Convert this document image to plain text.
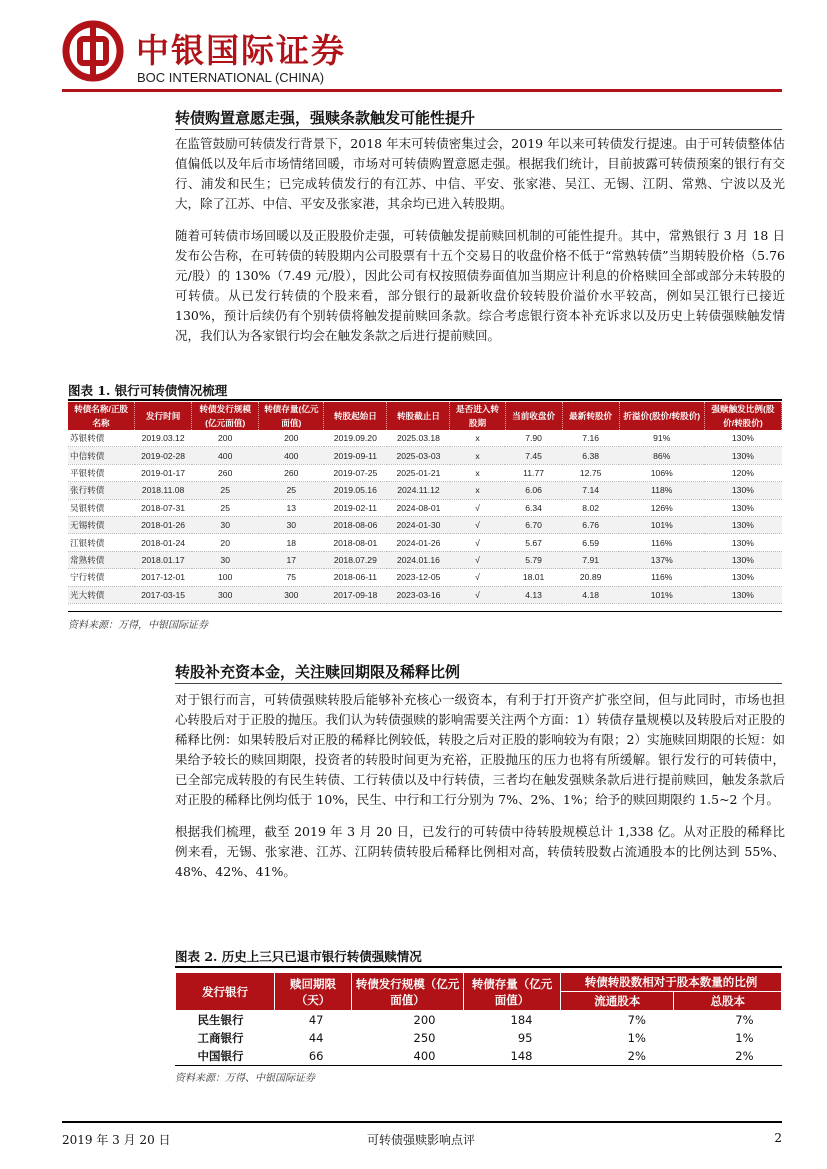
中银国际证券
BOC INTERNATIONAL (CHINA)
转债购置意愿走强，强赎条款触发可能性提升

在监管鼓励可转债发行背景下，2018 年末可转债密集过会，2019 年以来可转债发行提速。由于可转债整体估值偏低以及年后市场情绪回暖，市场对可转债购置意愿走强。根据我们统计，目前披露可转债预案的银行有交行、浦发和民生；已完成转债发行的有江苏、中信、平安、张家港、吴江、无锡、江阴、常熟、宁波以及光大，除了江苏、中信、平安及张家港，其余均已进入转股期。

随着可转债市场回暖以及正股股价走强，可转债触发提前赎回机制的可能性提升。其中，常熟银行 3 月 18 日发布公告称，在可转债的转股期内公司股票有十五个交易日的收盘价格不低于“常熟转债”当期转股价格（5.76 元/股）的 130%（7.49 元/股），因此公司有权按照债券面值加当期应计利息的价格赎回全部或部分未转股的可转债。从已发行转债的个股来看，部分银行的最新收盘价较转股价溢价水平较高，例如吴江银行已接近 130%，预计后续仍有个别转债将触发提前赎回条款。综合考虑银行资本补充诉求以及历史上转债强赎触发情况，我们认为各家银行均会在触发条款之后进行提前赎回。

图表 1. 银行可转债情况梳理
转债名称/正股名称	发行时间	转债发行规模(亿元面值)	转债存量(亿元面值)	转股起始日	转股截止日	是否进入转股期	当前收盘价	最新转股价	折溢价(股价/转股价)	强赎触发比例(股价/转股价)
苏银转债	2019.03.12	200	200	2019.09.20	2025.03.18	x	7.90	7.16	91%	130%
中信转债	2019-02-28	400	400	2019-09-11	2025-03-03	x	7.45	6.38	86%	130%
平银转债	2019-01-17	260	260	2019-07-25	2025-01-21	x	11.77	12.75	106%	120%
张行转债	2018.11.08	25	25	2019.05.16	2024.11.12	x	6.06	7.14	118%	130%
吴银转债	2018-07-31	25	13	2019-02-11	2024-08-01	√	6.34	8.02	126%	130%
无锡转债	2018-01-26	30	30	2018-08-06	2024-01-30	√	6.70	6.76	101%	130%
江银转债	2018-01-24	20	18	2018-08-01	2024-01-26	√	5.67	6.59	116%	130%
常熟转债	2018.01.17	30	17	2018.07.29	2024.01.16	√	5.79	7.91	137%	130%
宁行转债	2017-12-01	100	75	2018-06-11	2023-12-05	√	18.01	20.89	116%	130%
光大转债	2017-03-15	300	300	2017-09-18	2023-03-16	√	4.13	4.18	101%	130%
资料来源：万得，中银国际证券
转股补充资本金，关注赎回期限及稀释比例

对于银行而言，可转债强赎转股后能够补充核心一级资本，有利于打开资产扩张空间，但与此同时，市场也担心转股后对于正股的抛压。我们认为转债强赎的影响需要关注两个方面：1）转债存量规模以及转股后对正股的稀释比例：如果转股后对正股的稀释比例较低，转股之后对正股的影响较为有限；2）实施赎回期限的长短：如果给予较长的赎回期限，投资者的转股时间更为充裕，正股抛压的压力也将有所缓解。银行发行的可转债中，已全部完成转股的有民生转债、工行转债以及中行转债，三者均在触发强赎条款后进行提前赎回，触发条款后对正股的稀释比例均低于 10%，民生、中行和工行分别为 7%、2%、1%；给予的赎回期限约 1.5~2 个月。

根据我们梳理，截至 2019 年 3 月 20 日，已发行的可转债中待转股规模总计 1,338 亿。从对正股的稀释比例来看，无锡、张家港、江苏、江阴转债转股后稀释比例相对高，转债转股数占流通股本的比例达到 55%、48%、42%、41%。

图表 2. 历史上三只已退市银行转债强赎情况
发行银行	赎回期限（天）	转债发行规模（亿元面值）	转债存量（亿元面值）	转债转股数相对于股本数量的比例	
				流通股本	总股本
民生银行	47	200	184	7%	7%
工商银行	44	250	95	1%	1%
中国银行	66	400	148	2%	2%
资料来源：万得、中银国际证券
2019 年 3 月 20 日	可转债强赎影响点评	2
